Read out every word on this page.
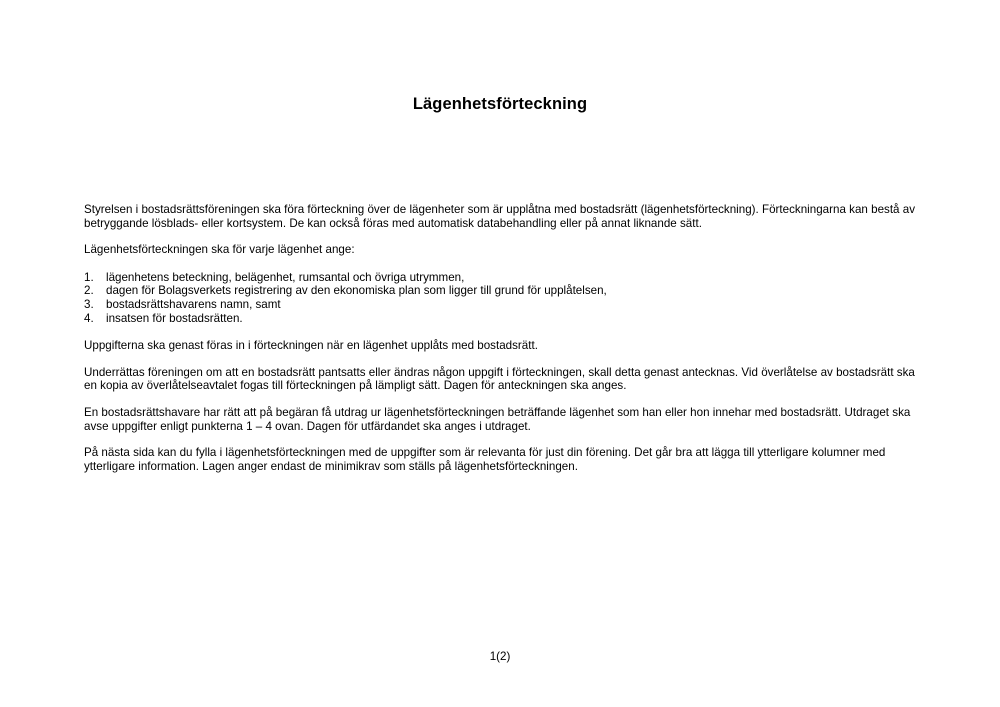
Lägenhetsförteckning

Styrelsen i bostadsrättsföreningen ska föra förteckning över de lägenheter som är upplåtna med bostadsrätt (lägenhetsförteckning). Förteckningarna kan bestå av betryggande lösblads- eller kortsystem. De kan också föras med automatisk databehandling eller på annat liknande sätt.

Lägenhetsförteckningen ska för varje lägenhet ange:

1.	lägenhetens beteckning, belägenhet, rumsantal och övriga utrymmen,
2.	dagen för Bolagsverkets registrering av den ekonomiska plan som ligger till grund för upplåtelsen,
3.	bostadsrättshavarens namn, samt
4.	insatsen för bostadsrätten.

Uppgifterna ska genast föras in i förteckningen när en lägenhet upplåts med bostadsrätt.

Underrättas föreningen om att en bostadsrätt pantsatts eller ändras någon uppgift i förteckningen, skall detta genast antecknas. Vid överlåtelse av bostadsrätt ska en kopia av överlåtelseavtalet fogas till förteckningen på lämpligt sätt. Dagen för anteckningen ska anges.

En bostadsrättshavare har rätt att på begäran få utdrag ur lägenhetsförteckningen beträffande lägenhet som han eller hon innehar med bostadsrätt. Utdraget ska avse uppgifter enligt punkterna 1 – 4 ovan. Dagen för utfärdandet ska anges i utdraget.

På nästa sida kan du fylla i lägenhetsförteckningen med de uppgifter som är relevanta för just din förening. Det går bra att lägga till ytterligare kolumner med ytterligare information. Lagen anger endast de minimikrav som ställs på lägenhetsförteckningen.

1(2)
